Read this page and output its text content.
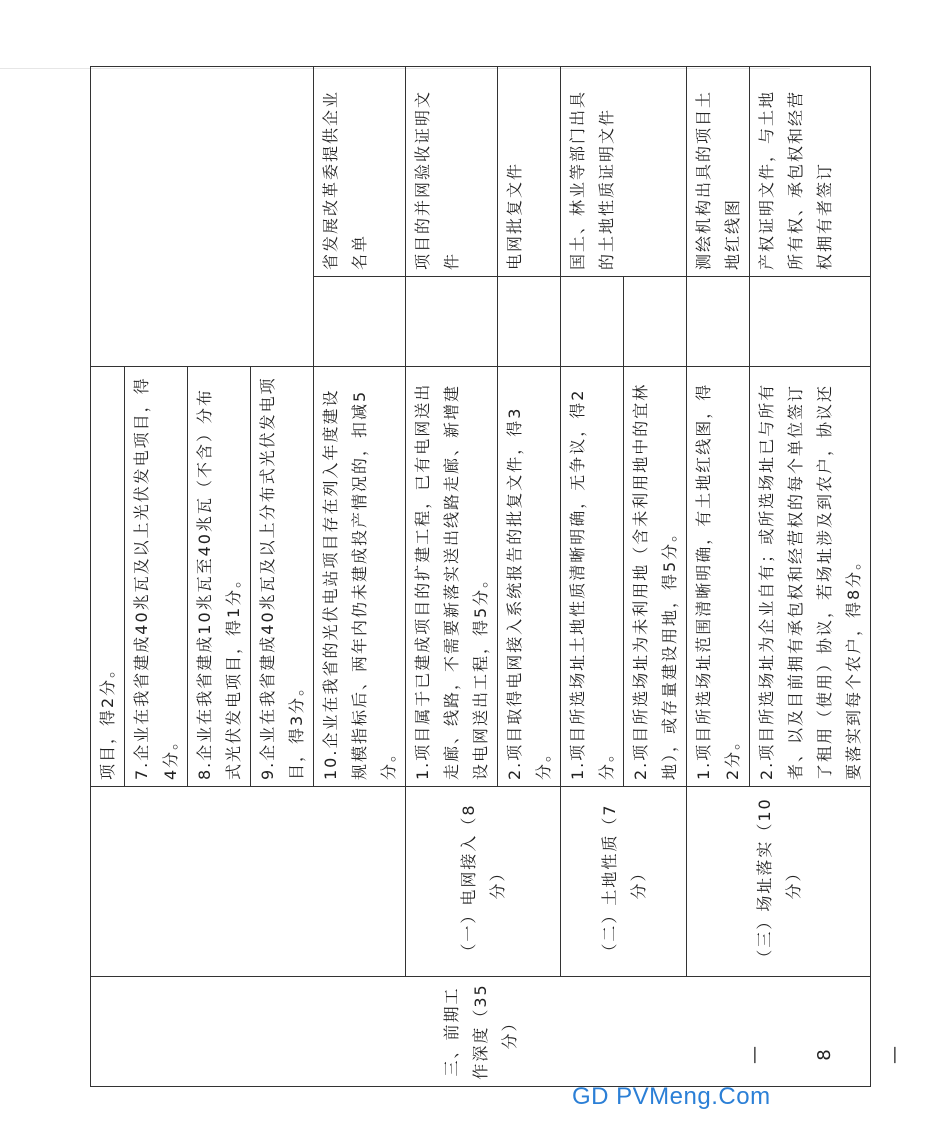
三、前期工作深度（35分）		项目，得2分。		
		7.企业在我省建成40兆瓦及以上光伏发电项目，得4分。		
		8.企业在我省建成10兆瓦至40兆瓦（不含）分布式光伏发电项目，得1分。		
		9.企业在我省建成40兆瓦及以上分布式光伏发电项目，得3分。		
		10.企业在我省的光伏电站项目存在列入年度建设规模指标后、两年内仍未建成投产情况的，扣减5分。		省发展改革委提供企业名单
	（一）电网接入（8分）	1.项目属于已建成项目的扩建工程，已有电网送出走廊、线路，不需要新落实送出线路走廊、新增建设电网送出工程，得5分。		项目的并网验收证明文件
		2.项目取得电网接入系统报告的批复文件，得3分。		电网批复文件
	（二）土地性质（7分）	1.项目所选场址土地性质清晰明确，无争议，得2分。		国土、林业等部门出具的土地性质证明文件
		2.项目所选场址为未利用地（含未利用地中的宜林地），或存量建设用地，得5分。		
	（三）场址落实（10分）	1.项目所选场址范围清晰明确，有土地红线图，得2分。		测绘机构出具的项目土地红线图
		2.项目所选场址为企业自有；或所选场址已与所有者、以及目前拥有承包权和经营权的每个单位签订了租用（使用）协议，若场址涉及到农户，协议还要落实到每个农户，得8分。		产权证明文件，与土地所有权、承包权和经营权拥有者签订
— 8 —
GD PVMeng.Com
